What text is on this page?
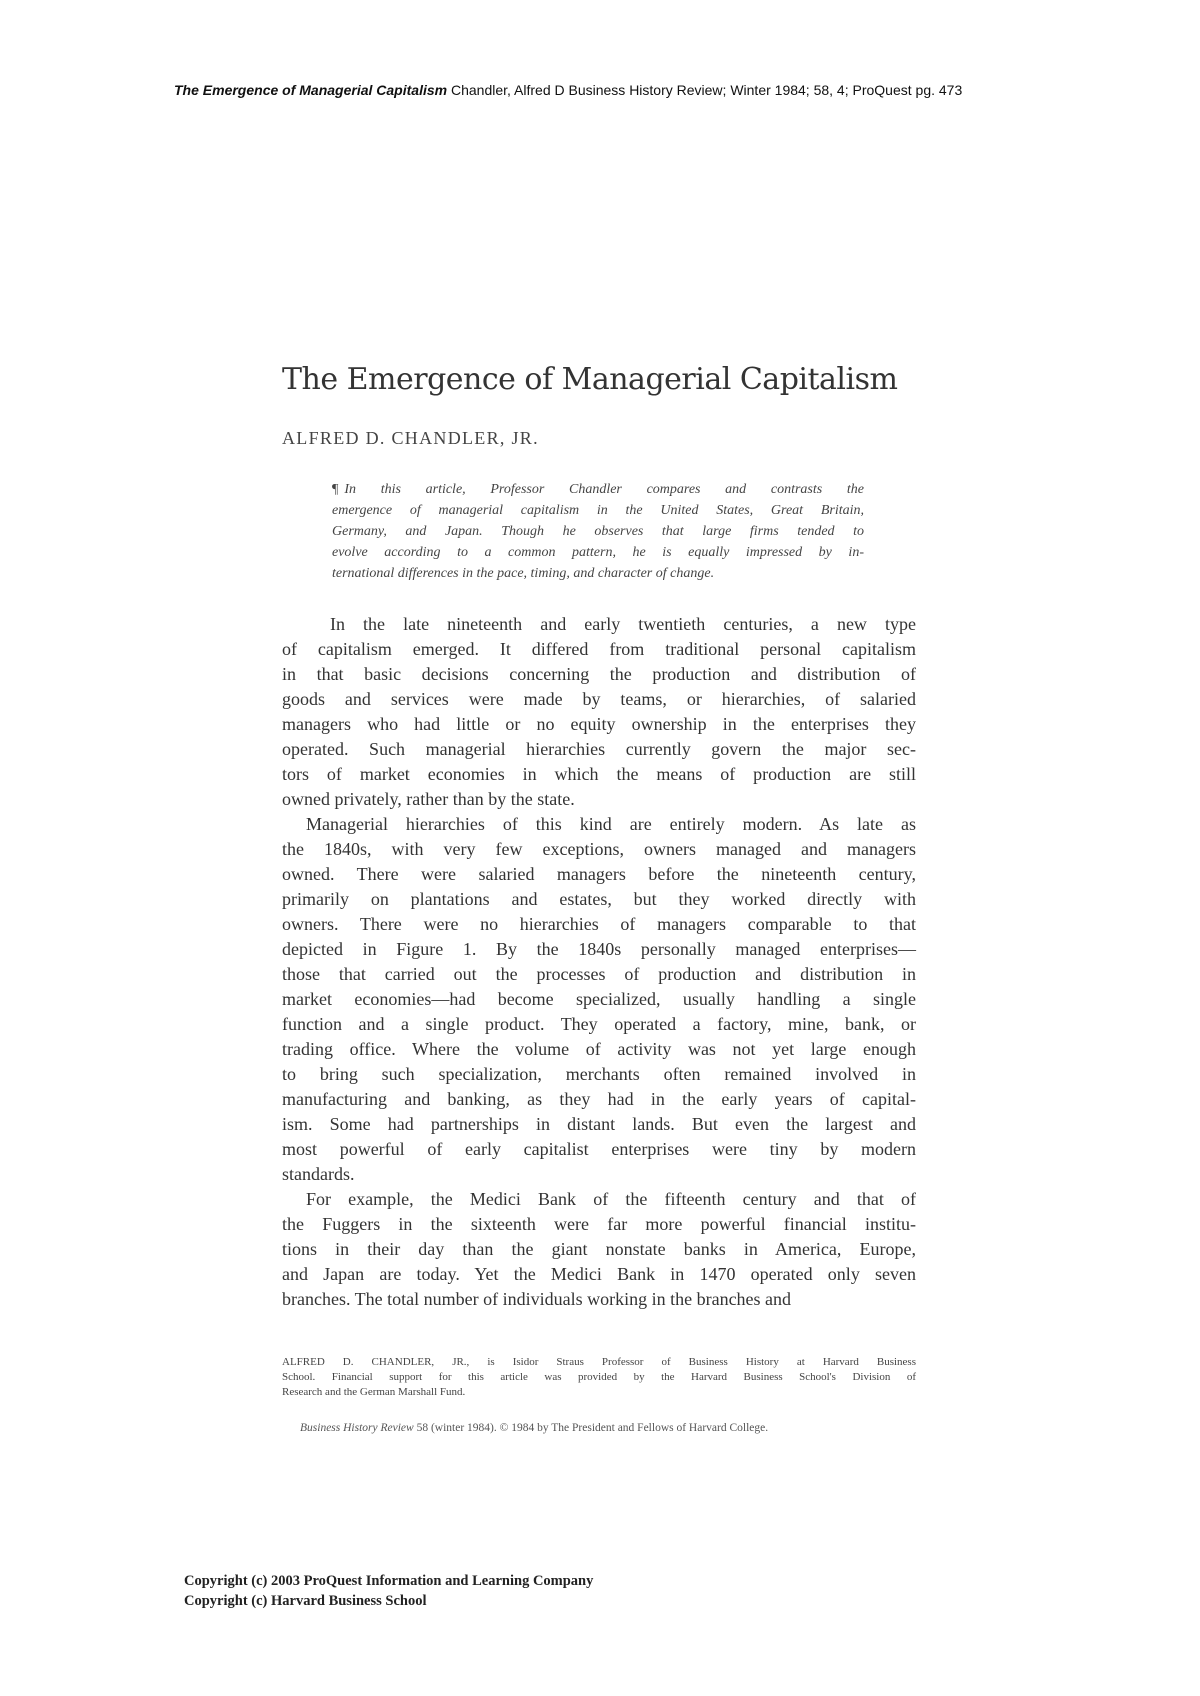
The Emergence of Managerial Capitalism Chandler, Alfred D Business History Review; Winter 1984; 58, 4; ProQuest pg. 473
The Emergence of Managerial Capitalism
ALFRED D. CHANDLER, JR.
¶ In this article, Professor Chandler compares and contrasts the
emergence of managerial capitalism in the United States, Great Britain,
Germany, and Japan. Though he observes that large firms tended to
evolve according to a common pattern, he is equally impressed by in-
ternational differences in the pace, timing, and character of change.
In the late nineteenth and early twentieth centuries, a new type
of capitalism emerged. It differed from traditional personal capitalism
in that basic decisions concerning the production and distribution of
goods and services were made by teams, or hierarchies, of salaried
managers who had little or no equity ownership in the enterprises they
operated. Such managerial hierarchies currently govern the major sec-
tors of market economies in which the means of production are still
owned privately, rather than by the state.
Managerial hierarchies of this kind are entirely modern. As late as
the 1840s, with very few exceptions, owners managed and managers
owned. There were salaried managers before the nineteenth century,
primarily on plantations and estates, but they worked directly with
owners. There were no hierarchies of managers comparable to that
depicted in Figure 1. By the 1840s personally managed enterprises—
those that carried out the processes of production and distribution in
market economies—had become specialized, usually handling a single
function and a single product. They operated a factory, mine, bank, or
trading office. Where the volume of activity was not yet large enough
to bring such specialization, merchants often remained involved in
manufacturing and banking, as they had in the early years of capital-
ism. Some had partnerships in distant lands. But even the largest and
most powerful of early capitalist enterprises were tiny by modern
standards.
For example, the Medici Bank of the fifteenth century and that of
the Fuggers in the sixteenth were far more powerful financial institu-
tions in their day than the giant nonstate banks in America, Europe,
and Japan are today. Yet the Medici Bank in 1470 operated only seven
branches. The total number of individuals working in the branches and
ALFRED D. CHANDLER, JR., is Isidor Straus Professor of Business History at Harvard Business
School. Financial support for this article was provided by the Harvard Business School's Division of
Research and the German Marshall Fund.
Business History Review 58 (winter 1984). © 1984 by The President and Fellows of Harvard College.
Copyright (c) 2003 ProQuest Information and Learning Company
Copyright (c) Harvard Business School
